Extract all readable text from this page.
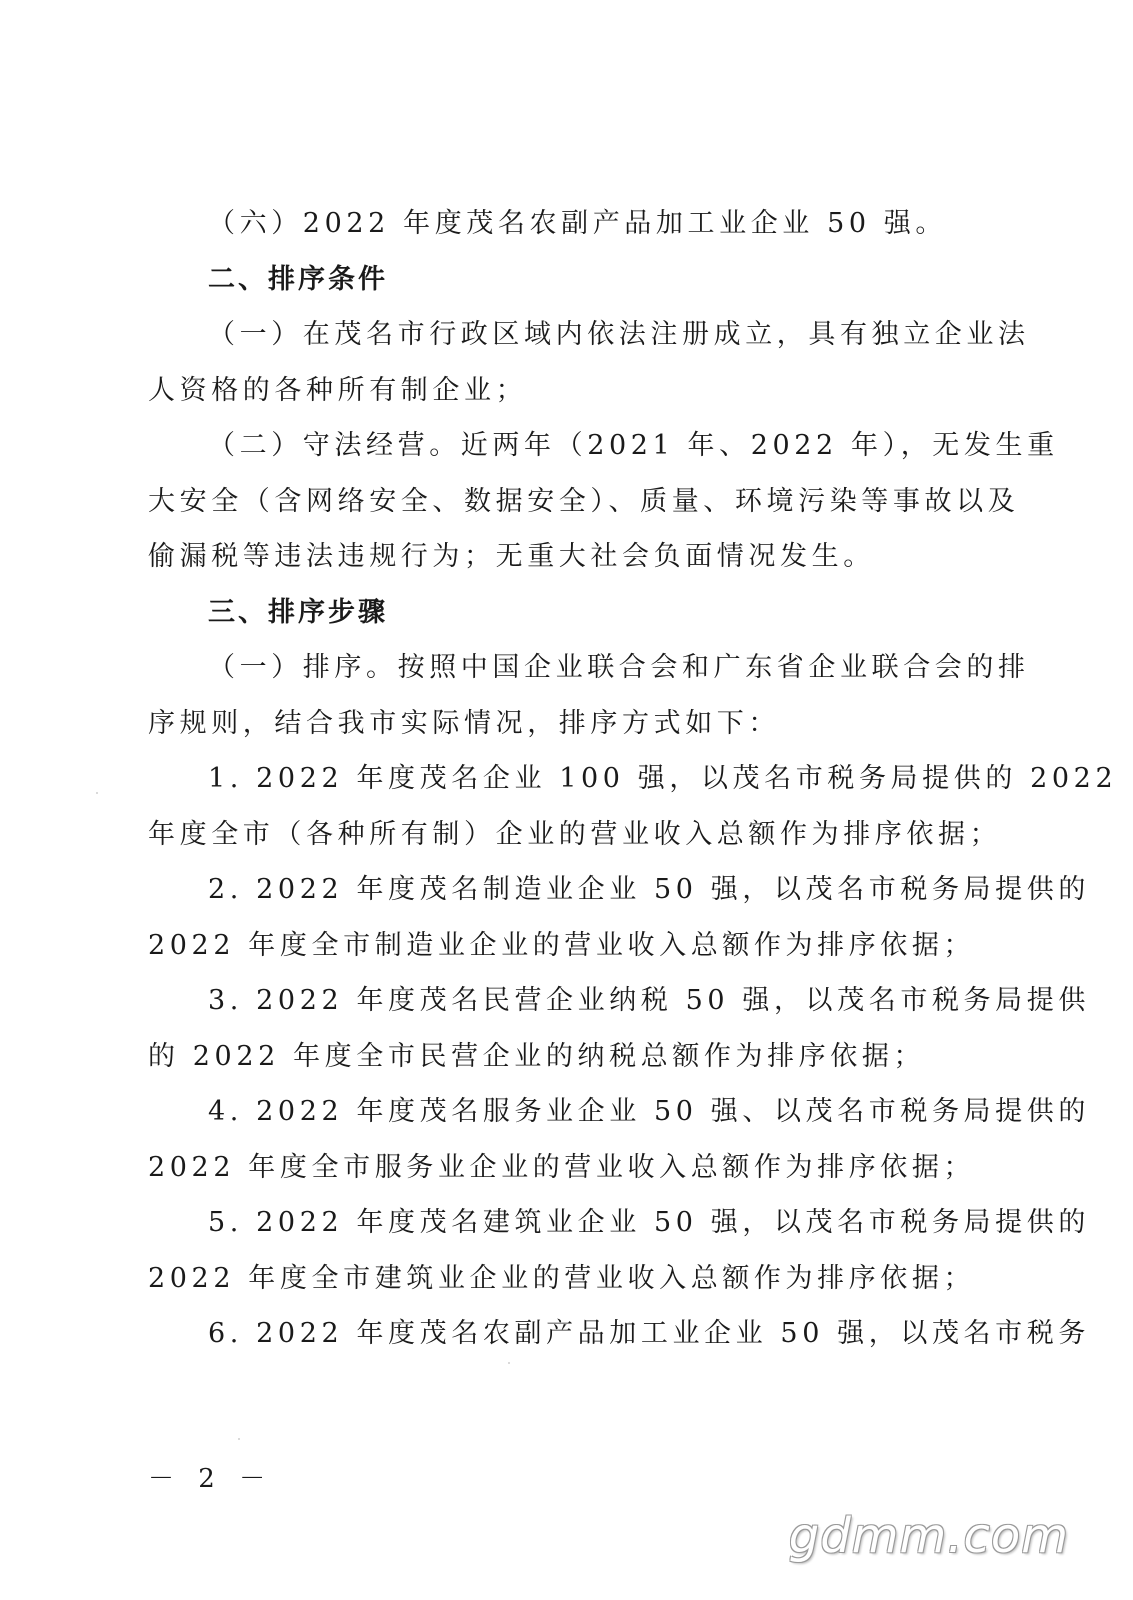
（六）2022 年度茂名农副产品加工业企业 50 强。
二、排序条件
（一）在茂名市行政区域内依法注册成立，具有独立企业法
人资格的各种所有制企业；
（二）守法经营。近两年（2021 年、2022 年），无发生重
大安全（含网络安全、数据安全）、质量、环境污染等事故以及
偷漏税等违法违规行为；无重大社会负面情况发生。
三、排序步骤
（一）排序。按照中国企业联合会和广东省企业联合会的排
序规则，结合我市实际情况，排序方式如下：
1. 2022 年度茂名企业 100 强，以茂名市税务局提供的 2022
年度全市（各种所有制）企业的营业收入总额作为排序依据；
2. 2022 年度茂名制造业企业 50 强，以茂名市税务局提供的
2022 年度全市制造业企业的营业收入总额作为排序依据；
3. 2022 年度茂名民营企业纳税 50 强，以茂名市税务局提供
的 2022 年度全市民营企业的纳税总额作为排序依据；
4. 2022 年度茂名服务业企业 50 强、以茂名市税务局提供的
2022 年度全市服务业企业的营业收入总额作为排序依据；
5. 2022 年度茂名建筑业企业 50 强，以茂名市税务局提供的
2022 年度全市建筑业企业的营业收入总额作为排序依据；
6. 2022 年度茂名农副产品加工业企业 50 强，以茂名市税务
－ 2 －
gdmm.com
